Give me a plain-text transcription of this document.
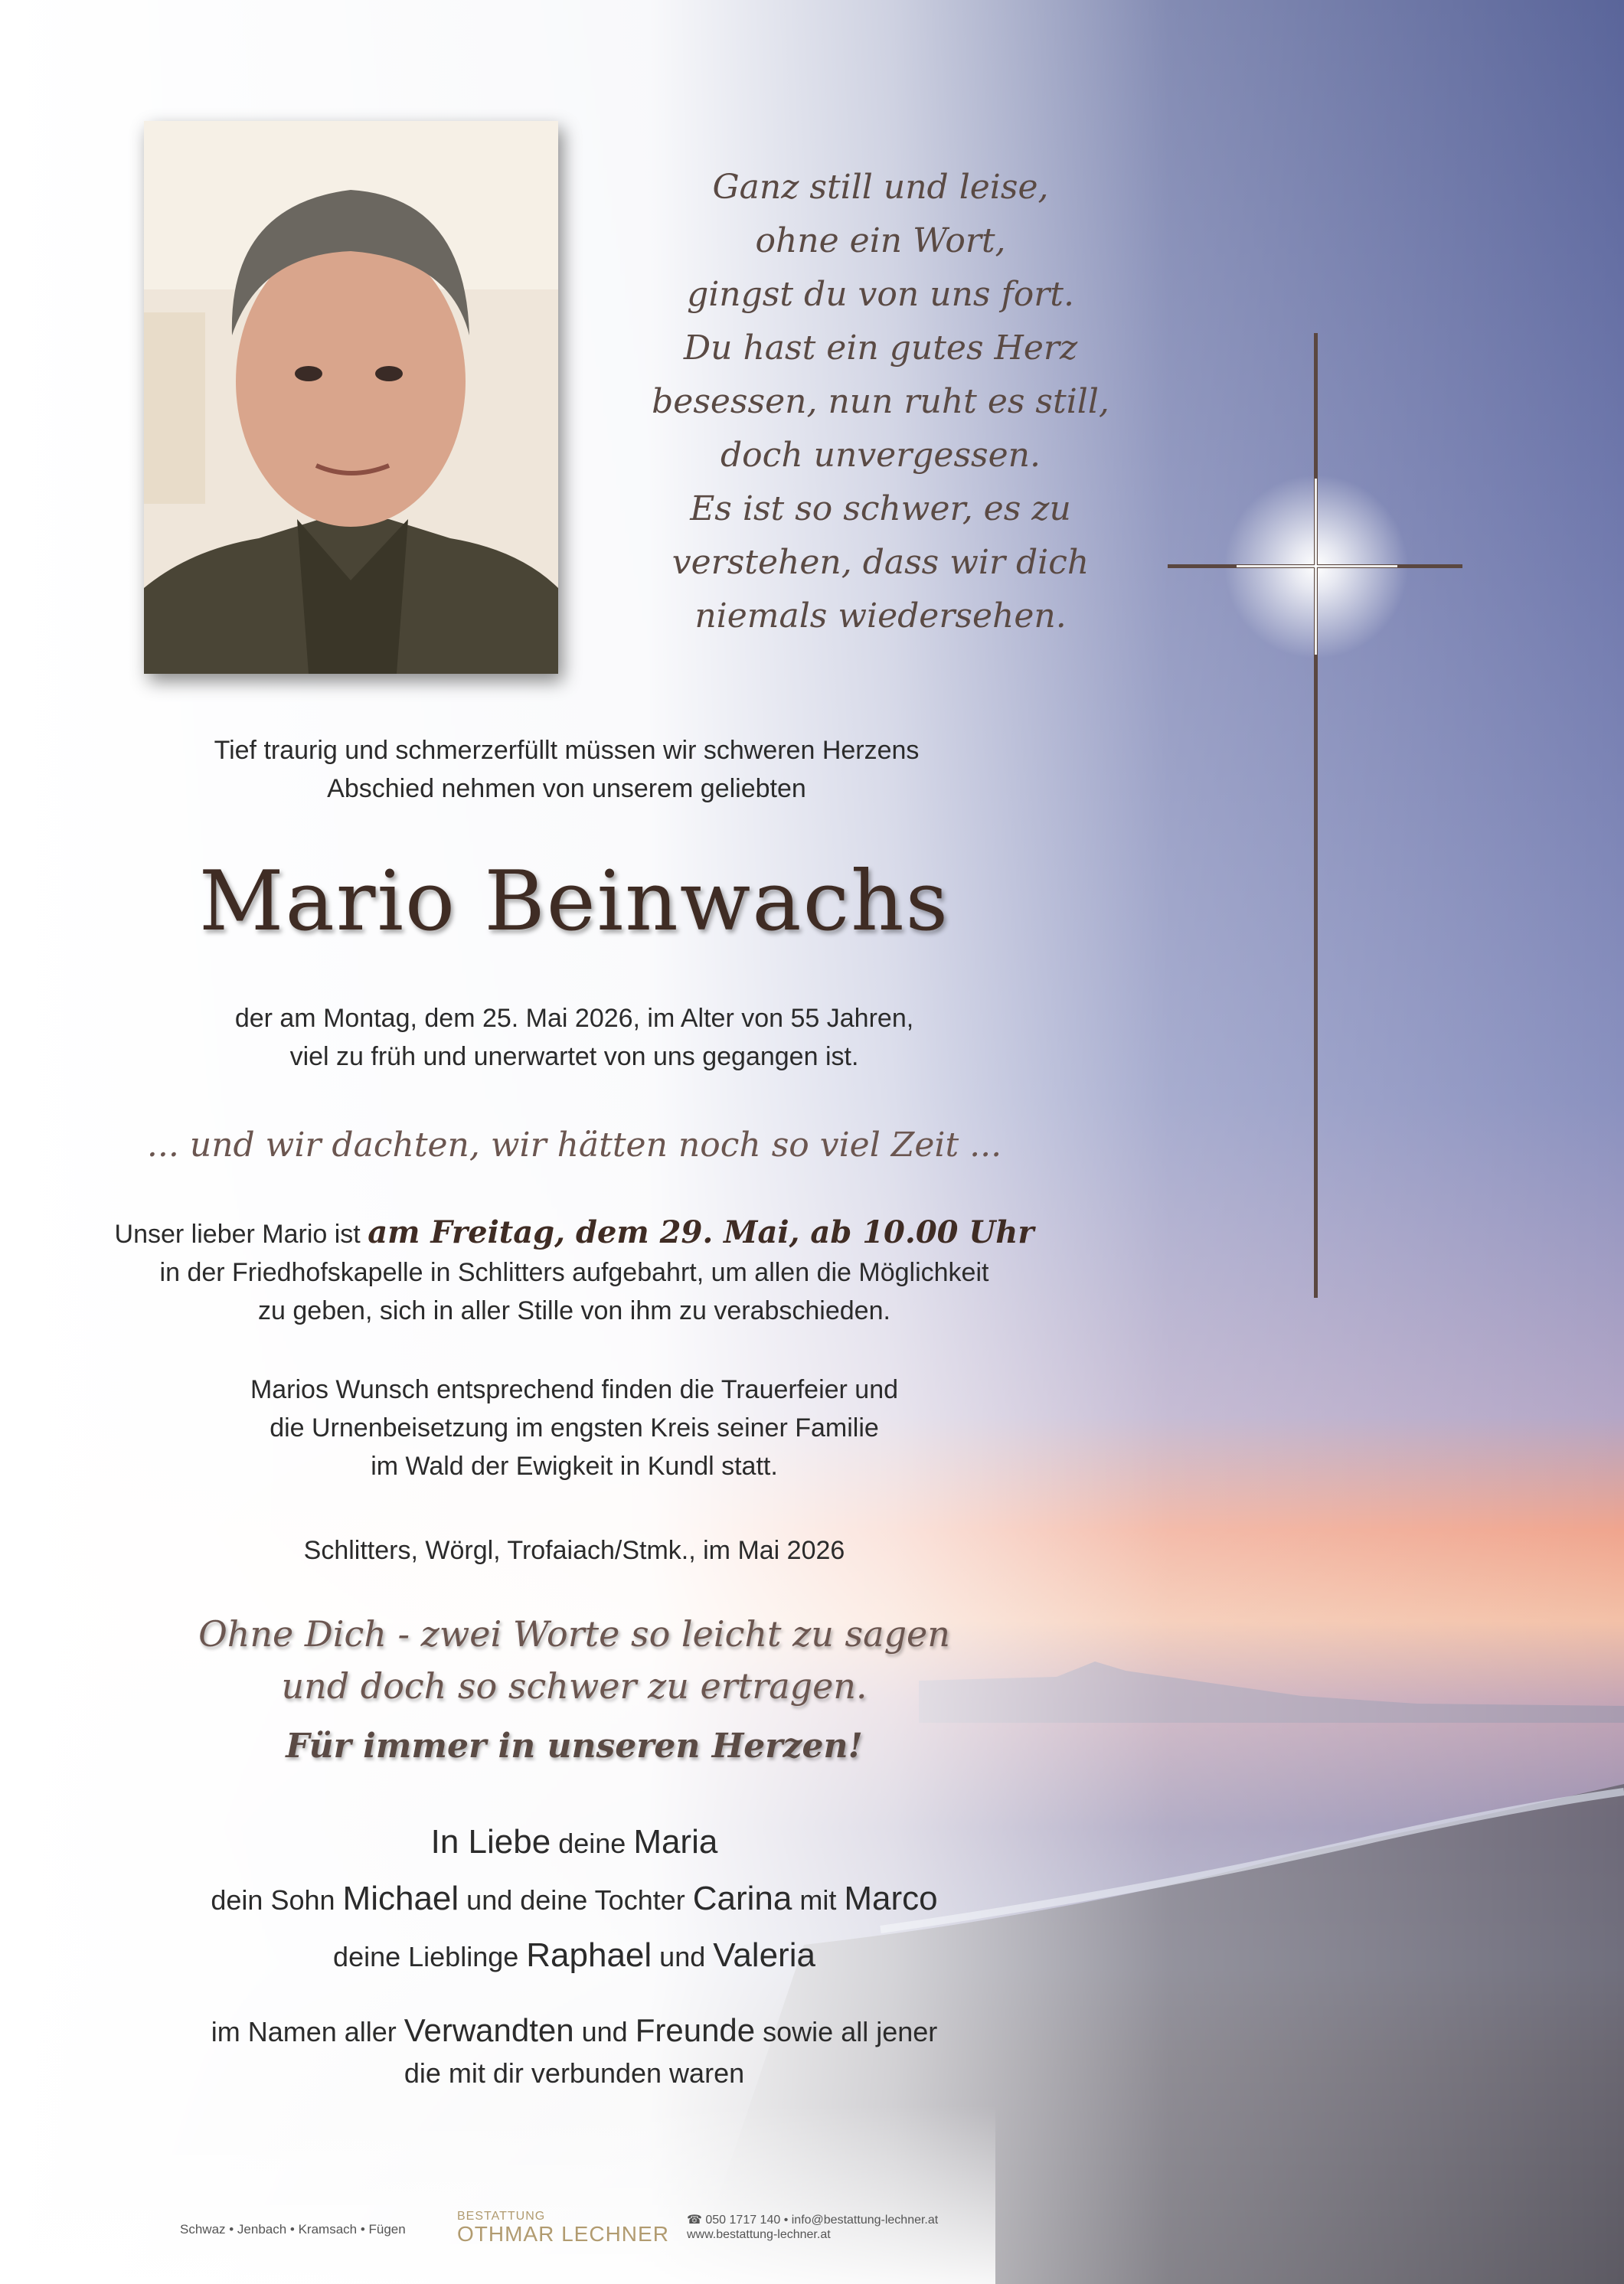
Ganz still und leise,
ohne ein Wort,
gingst du von uns fort.
Du hast ein gutes Herz
besessen, nun ruht es still,
doch unvergessen.
Es ist so schwer, es zu
verstehen, dass wir dich
niemals wiedersehen.
Tief traurig und schmerzerfüllt müssen wir schweren Herzens
Abschied nehmen von unserem geliebten
Mario Beinwachs
der am Montag, dem 25. Mai 2026, im Alter von 55 Jahren,
viel zu früh und unerwartet von uns gegangen ist.
... und wir dachten, wir hätten noch so viel Zeit ...
Unser lieber Mario ist am Freitag, dem 29. Mai, ab 10.00 Uhr
in der Friedhofskapelle in Schlitters aufgebahrt, um allen die Möglichkeit
zu geben, sich in aller Stille von ihm zu verabschieden.
Marios Wunsch entsprechend finden die Trauerfeier und
die Urnenbeisetzung im engsten Kreis seiner Familie
im Wald der Ewigkeit in Kundl statt.
Schlitters, Wörgl, Trofaiach/Stmk., im Mai 2026
Ohne Dich - zwei Worte so leicht zu sagen
und doch so schwer zu ertragen.
Für immer in unseren Herzen!
In Liebe deine Maria
dein Sohn Michael und deine Tochter Carina mit Marco
deine Lieblinge Raphael und Valeria
im Namen aller Verwandten und Freunde sowie all jener
die mit dir verbunden waren
Schwaz • Jenbach • Kramsach • Fügen
BESTATTUNG
OTHMAR LECHNER
☎ 050 1717 140 • info@bestattung-lechner.at
www.bestattung-lechner.at
